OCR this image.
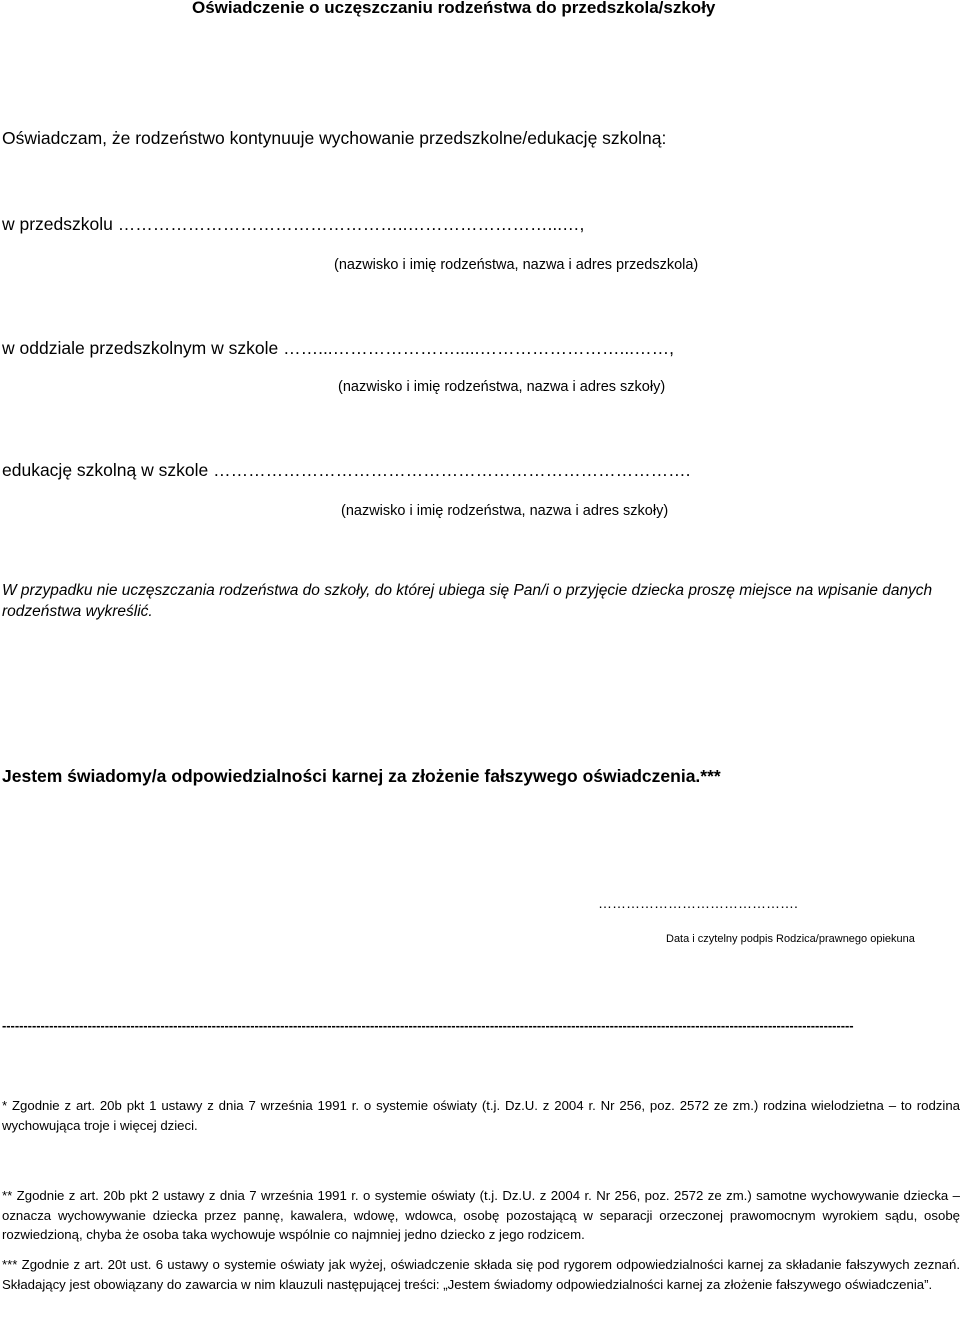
Oświadczenie o uczęszczaniu rodzeństwa do przedszkola/szkoły
Oświadczam, że rodzeństwo kontynuuje wychowanie przedszkolne/edukację szkolną:
w przedszkolu …………………………………………..……………………...…,
(nazwisko i imię rodzeństwa, nazwa i adres przedszkola)
w oddziale przedszkolnym w szkole ……...………………….....……………………...……,
(nazwisko i imię rodzeństwa, nazwa i adres szkoły)
edukację szkolną w szkole ……………………………………………………………………….
(nazwisko i imię rodzeństwa, nazwa i adres szkoły)
W przypadku nie uczęszczania rodzeństwa do szkoły, do której ubiega się Pan/i o przyjęcie dziecka proszę miejsce na wpisanie danych rodzeństwa wykreślić.
Jestem świadomy/a odpowiedzialności karnej za złożenie fałszywego oświadczenia.***
…………………………………….
Data i czytelny podpis Rodzica/prawnego opiekuna
-------------------------------------------------------------------------------------------------------------------------------------------------------------------------------------------------------
* Zgodnie z art. 20b pkt 1 ustawy z dnia 7 września 1991 r. o systemie oświaty (t.j. Dz.U. z 2004 r. Nr 256, poz. 2572 ze zm.) rodzina wielodzietna – to rodzina wychowująca troje i więcej dzieci.
** Zgodnie z art. 20b pkt 2 ustawy z dnia 7 września 1991 r. o systemie oświaty (t.j. Dz.U. z 2004 r. Nr 256, poz. 2572 ze zm.) samotne wychowywanie dziecka – oznacza wychowywanie dziecka przez pannę, kawalera, wdowę, wdowca, osobę pozostającą w separacji orzeczonej prawomocnym wyrokiem sądu, osobę rozwiedzioną, chyba że osoba taka wychowuje wspólnie co najmniej jedno dziecko z jego rodzicem.
*** Zgodnie z art. 20t ust. 6 ustawy o systemie oświaty jak wyżej, oświadczenie składa się pod rygorem odpowiedzialności karnej za składanie fałszywych zeznań. Składający jest obowiązany do zawarcia w nim klauzuli następującej treści: „Jestem świadomy odpowiedzialności karnej za złożenie fałszywego oświadczenia”.
